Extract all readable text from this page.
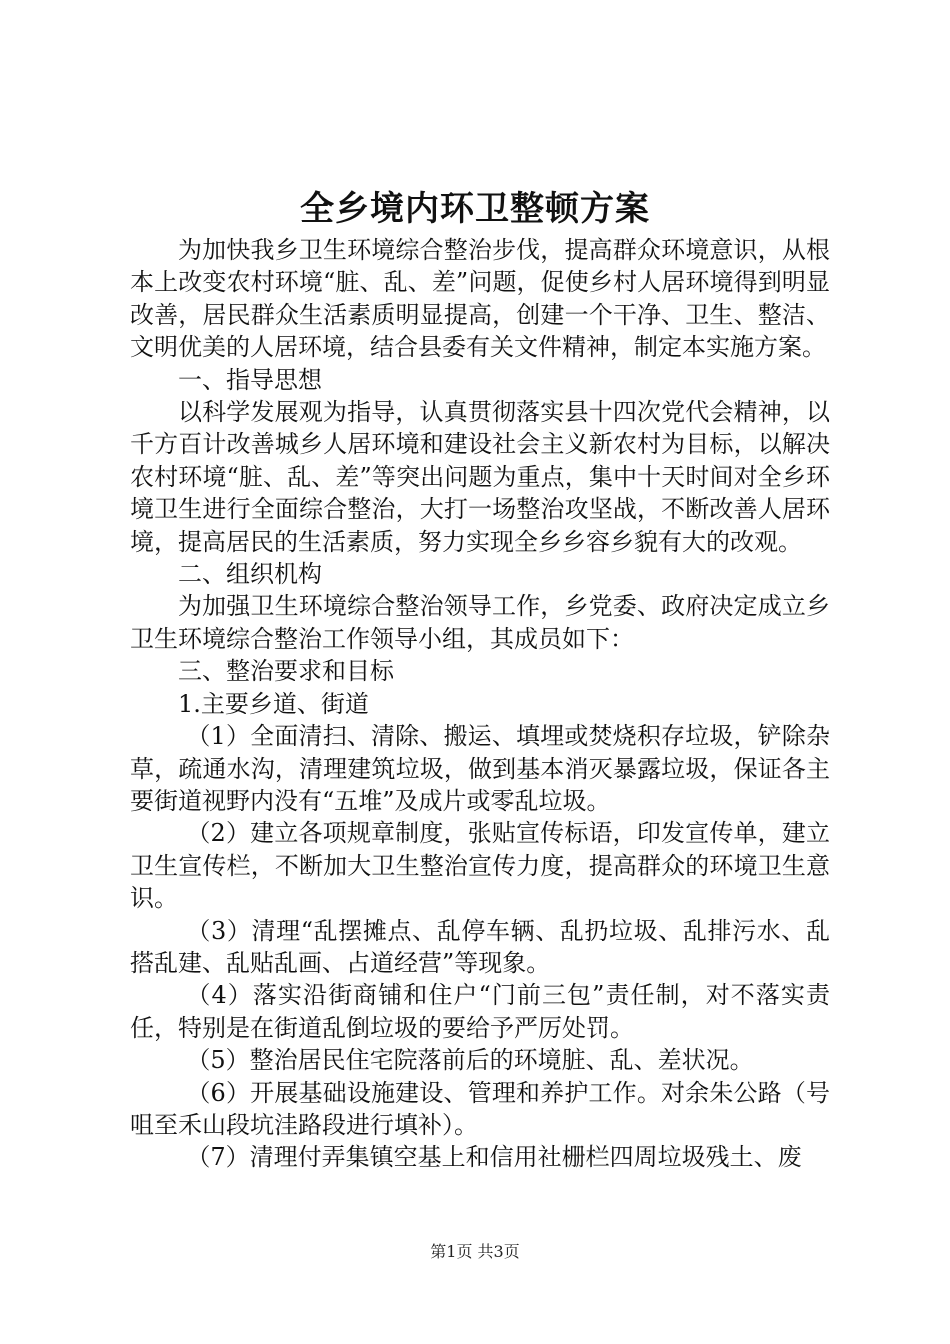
全乡境内环卫整顿方案

为加快我乡卫生环境综合整治步伐，提高群众环境意识，从根本上改变农村环境“脏、乱、差”问题，促使乡村人居环境得到明显改善，居民群众生活素质明显提高，创建一个干净、卫生、整洁、文明优美的人居环境，结合县委有关文件精神，制定本实施方案。

一、指导思想

以科学发展观为指导，认真贯彻落实县十四次党代会精神，以千方百计改善城乡人居环境和建设社会主义新农村为目标，以解决农村环境“脏、乱、差”等突出问题为重点，集中十天时间对全乡环境卫生进行全面综合整治，大打一场整治攻坚战，不断改善人居环境，提高居民的生活素质，努力实现全乡乡容乡貌有大的改观。

二、组织机构

为加强卫生环境综合整治领导工作，乡党委、政府决定成立乡卫生环境综合整治工作领导小组，其成员如下：

三、整治要求和目标

1.主要乡道、街道

（1）全面清扫、清除、搬运、填埋或焚烧积存垃圾，铲除杂草，疏通水沟，清理建筑垃圾，做到基本消灭暴露垃圾，保证各主要街道视野内没有“五堆”及成片或零乱垃圾。

（2）建立各项规章制度，张贴宣传标语，印发宣传单，建立卫生宣传栏，不断加大卫生整治宣传力度，提高群众的环境卫生意识。

（3）清理“乱摆摊点、乱停车辆、乱扔垃圾、乱排污水、乱搭乱建、乱贴乱画、占道经营”等现象。

（4）落实沿街商铺和住户“门前三包”责任制，对不落实责任，特别是在街道乱倒垃圾的要给予严厉处罚。

（5）整治居民住宅院落前后的环境脏、乱、差状况。

（6）开展基础设施建设、管理和养护工作。对余朱公路（号咀至禾山段坑洼路段进行填补）。

（7）清理付弄集镇空基上和信用社栅栏四周垃圾残土、废

第1页 共3页
